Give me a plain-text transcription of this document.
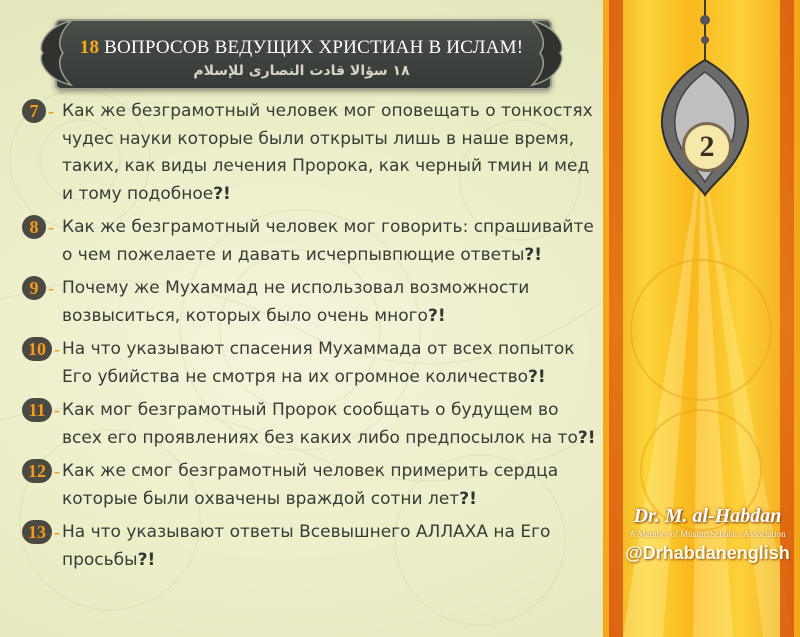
2
18 ВОПРОСОВ ВЕДУЩИХ ХРИСТИАН В ИСЛАМ!
١٨ سؤالا قادت النصارى للإسلام
7 - Как же безграмотный человек мог оповещать о тонкостях чудес науки которые были открыты лишь в наше время, таких, как виды лечения Пророка, как черный тмин и мед и тому подобное?!
8 - Как же безграмотный человек мог говорить: спрашивайте о чем пожелаете и давать исчерпывпющие ответы?!
9 - Почему же Мухаммад не использовал возможности возвыситься, которых было очень много?!
10 - На что указывают спасения Мухаммада от всех попыток Его убийства не смотря на их огромное количество?!
11 - Как мог безграмотный Пророк сообщать о будущем во всех его проявлениях без каких либо предпосылок на то?!
12 - Как же смог безграмотный человек примерить сердца которые были охвачены враждой сотни лет?!
13 - На что указывают ответы Всевышнего АЛЛАХА на Его просьбы?!
Dr. M. al-Habdan
A Member of Muslim Scholars Association
@Drhabdanenglish
